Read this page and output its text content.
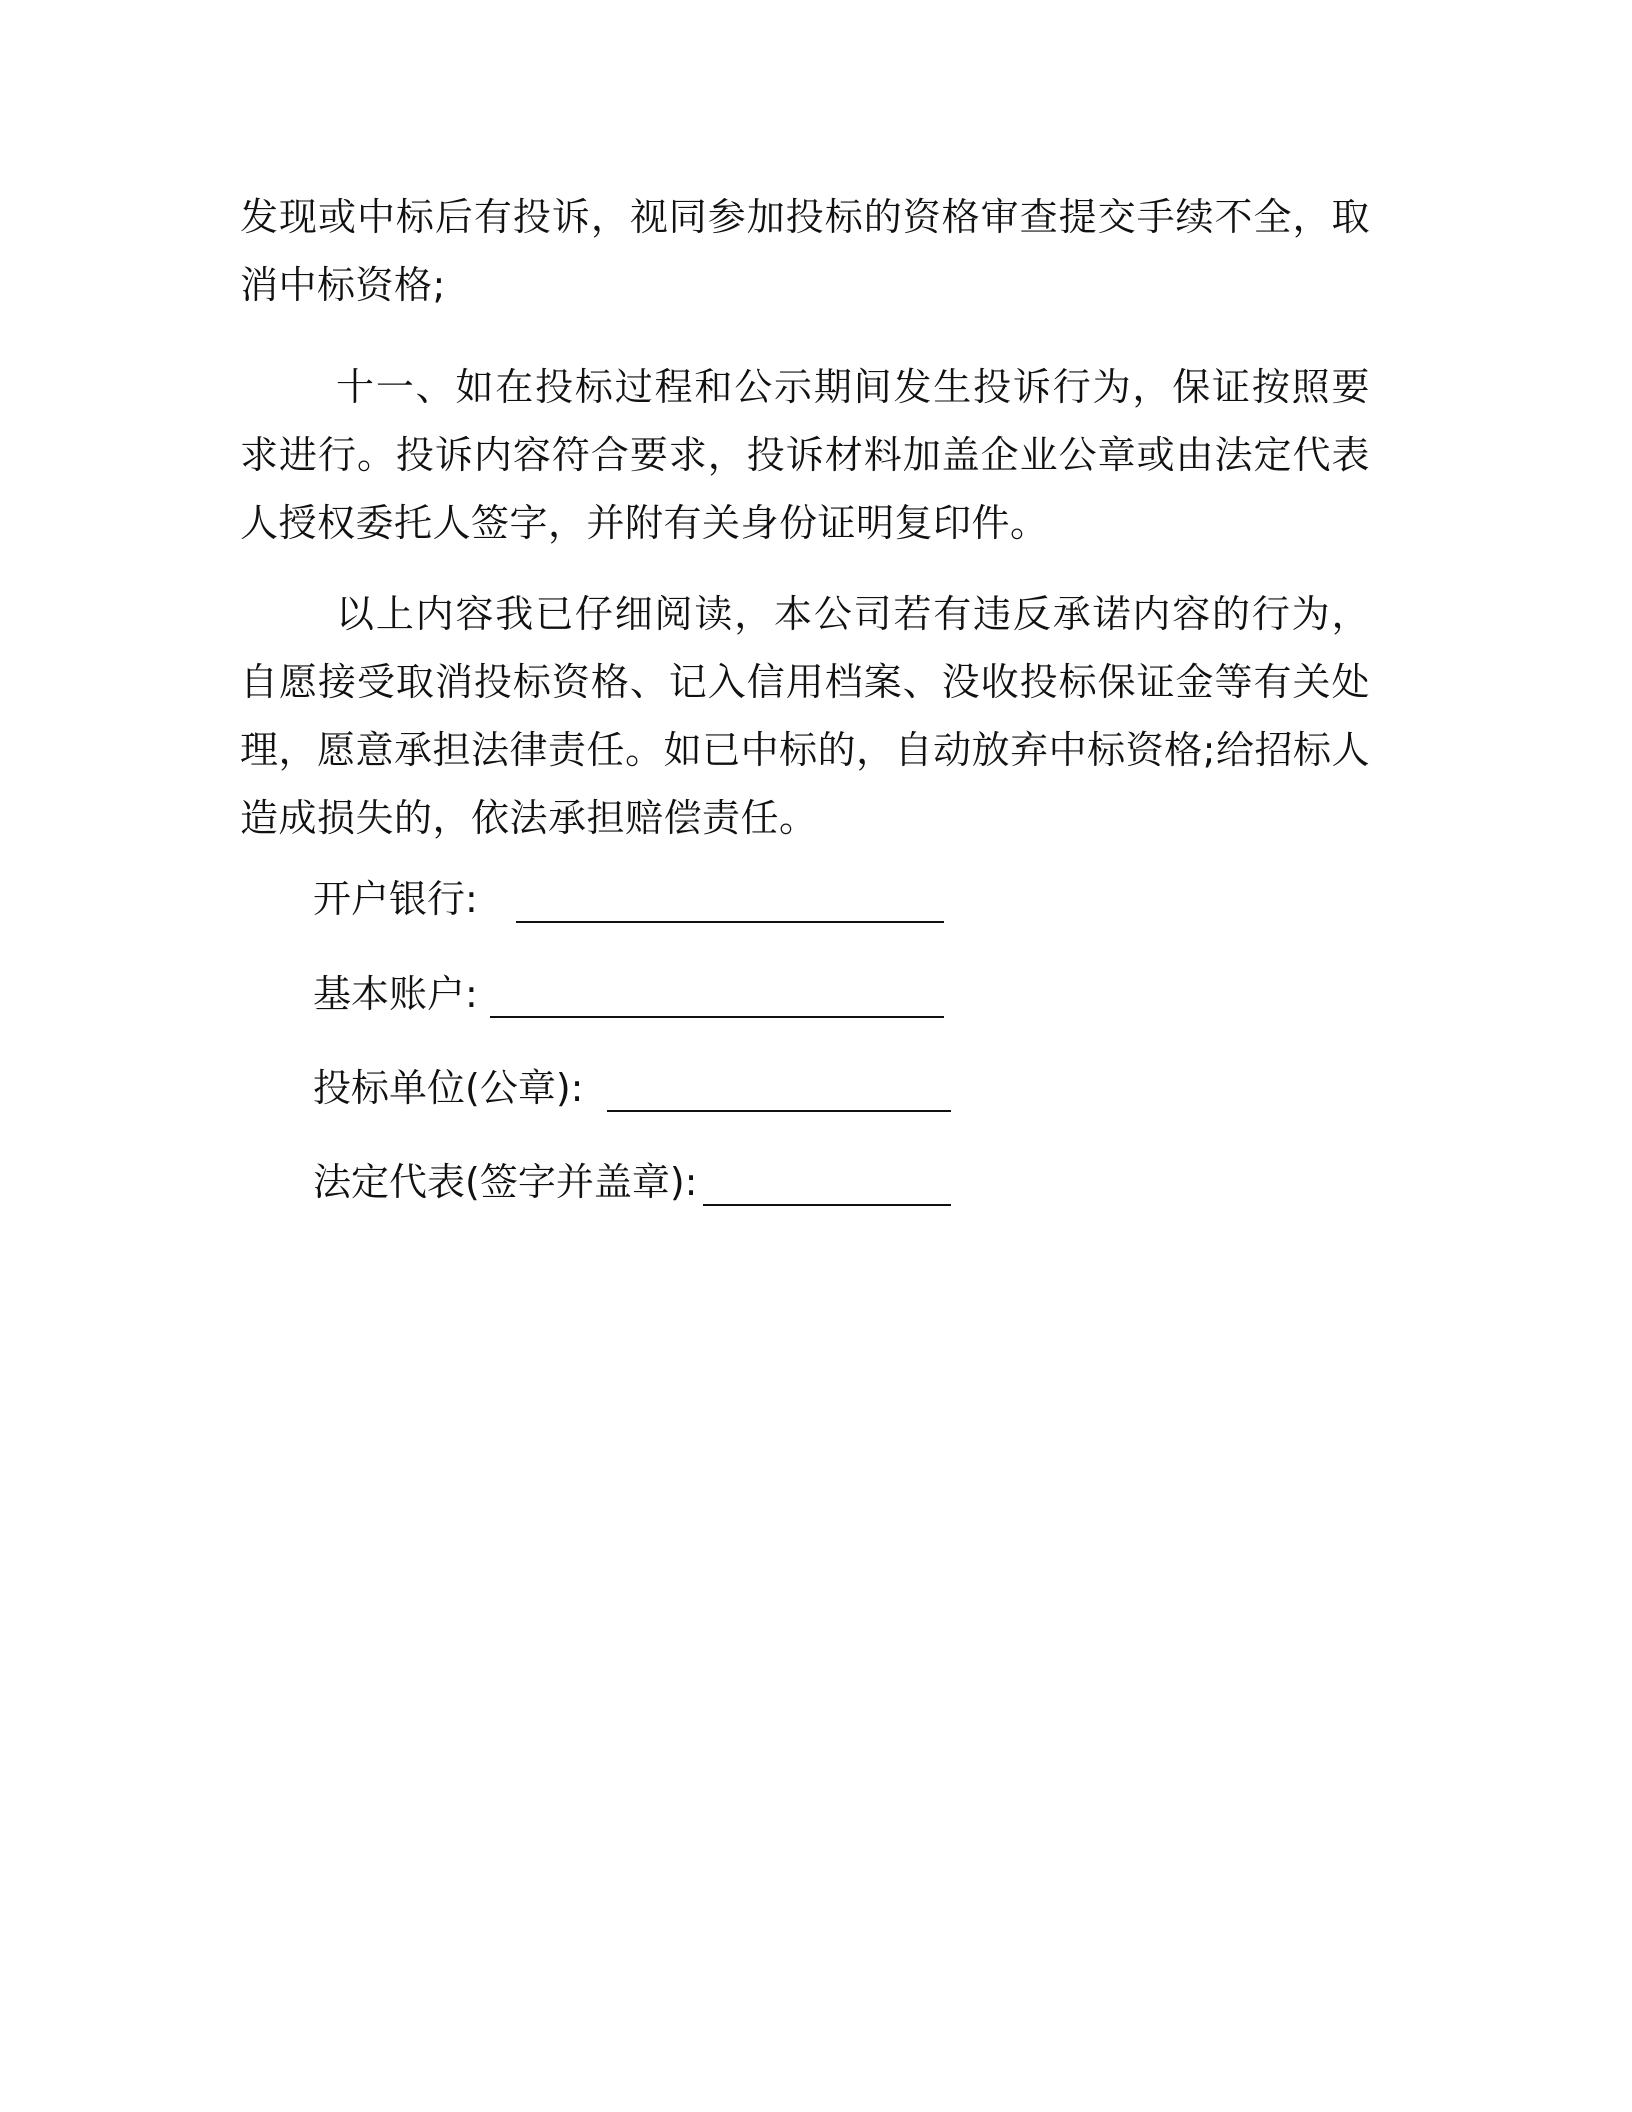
发现或中标后有投诉，视同参加投标的资格审查提交手续不全，取消中标资格;

十一、如在投标过程和公示期间发生投诉行为，保证按照要求进行。投诉内容符合要求，投诉材料加盖企业公章或由法定代表人授权委托人签字，并附有关身份证明复印件。

以上内容我已仔细阅读，本公司若有违反承诺内容的行为，自愿接受取消投标资格、记入信用档案、没收投标保证金等有关处理，愿意承担法律责任。如已中标的，自动放弃中标资格;给招标人造成损失的，依法承担赔偿责任。

开户银行:
基本账户:
投标单位(公章):
法定代表(签字并盖章):
